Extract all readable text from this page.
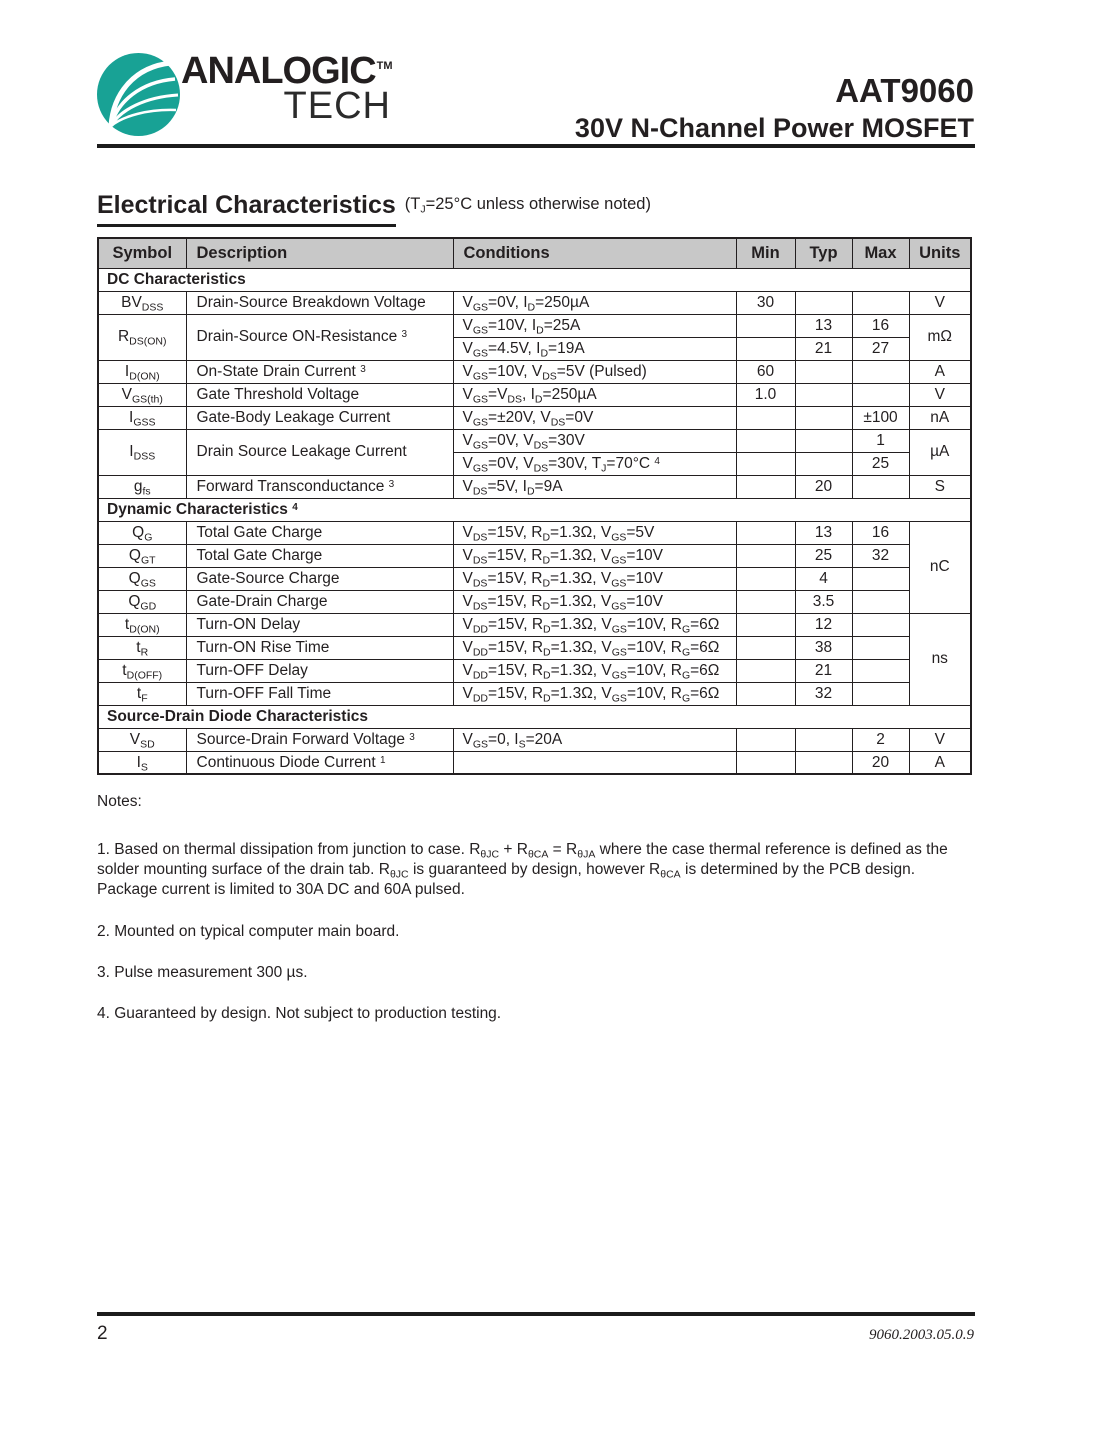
ANALOGIC™
TECH	AAT9060
30V N-Channel Power MOSFET
Electrical Characteristics ($T_J=25^\circ C$ unless otherwise noted)
Symbol	Description	Conditions	Min	Typ	Max	Units
DC Characteristics						
$BV_{DSS}$	Drain-Source Breakdown Voltage	$V_{GS}=0V$, $I_D=250\mu A$	30			V
$R_{DS(ON)}$	Drain-Source ON-Resistance $^3$	$V_{GS}=10V$, $I_D=25A$		13	16	mΩ
		$V_{GS}=4.5V$, $I_D=19A$		21	27	
$I_{D(ON)}$	On-State Drain Current $^3$	$V_{GS}=10V$, $V_{DS}=5V$ (Pulsed)	60			A
$V_{GS(th)}$	Gate Threshold Voltage	$V_{GS}=V_{DS}$, $I_D=250\mu A$	1.0			V
$I_{GSS}$	Gate-Body Leakage Current	$V_{GS}=\pm 20V$, $V_{DS}=0V$			±100	nA
$I_{DSS}$	Drain Source Leakage Current	$V_{GS}=0V$, $V_{DS}=30V$			1	µA
		$V_{GS}=0V$, $V_{DS}=30V$, $T_J=70^\circ C$ $^4$			25	
$g_{fs}$	Forward Transconductance $^3$	$V_{DS}=5V$, $I_D=9A$		20		S
Dynamic Characteristics $^4$
$Q_G$	Total Gate Charge	$V_{DS}=15V$, $R_D=1.3\Omega$, $V_{GS}=5V$		13	16	nC
$Q_{GT}$	Total Gate Charge	$V_{DS}=15V$, $R_D=1.3\Omega$, $V_{GS}=10V$		25	32	
$Q_{GS}$	Gate-Source Charge	$V_{DS}=15V$, $R_D=1.3\Omega$, $V_{GS}=10V$		4		
$Q_{GD}$	Gate-Drain Charge	$V_{DS}=15V$, $R_D=1.3\Omega$, $V_{GS}=10V$		3.5		
$t_{D(ON)}$	Turn-ON Delay	$V_{DD}=15V$, $R_D=1.3\Omega$, $V_{GS}=10V$, $R_G=6\Omega$		12		ns
$t_R$	Turn-ON Rise Time	$V_{DD}=15V$, $R_D=1.3\Omega$, $V_{GS}=10V$, $R_G=6\Omega$		38		
$t_{D(OFF)}$	Turn-OFF Delay	$V_{DD}=15V$, $R_D=1.3\Omega$, $V_{GS}=10V$, $R_G=6\Omega$		21		
$t_F$	Turn-OFF Fall Time	$V_{DD}=15V$, $R_D=1.3\Omega$, $V_{GS}=10V$, $R_G=6\Omega$		32		
Source-Drain Diode Characteristics						
$V_{SD}$	Source-Drain Forward Voltage $^3$	$V_{GS}=0$, $I_S=20A$			2	V
$I_S$	Continuous Diode Current $^1$				20	A
Notes:
1. Based on thermal dissipation from junction to case. $R_{\theta JC} + R_{\theta CA} = R_{\theta JA}$ where the case thermal reference is defined as the solder mounting surface of the drain tab. $R_{\theta JC}$ is guaranteed by design, however $R_{\theta CA}$ is determined by the PCB design. Package current is limited to 30A DC and 60A pulsed.
2. Mounted on typical computer main board.
3. Pulse measurement 300 µs.
4. Guaranteed by design. Not subject to production testing.
2	9060.2003.05.0.9
